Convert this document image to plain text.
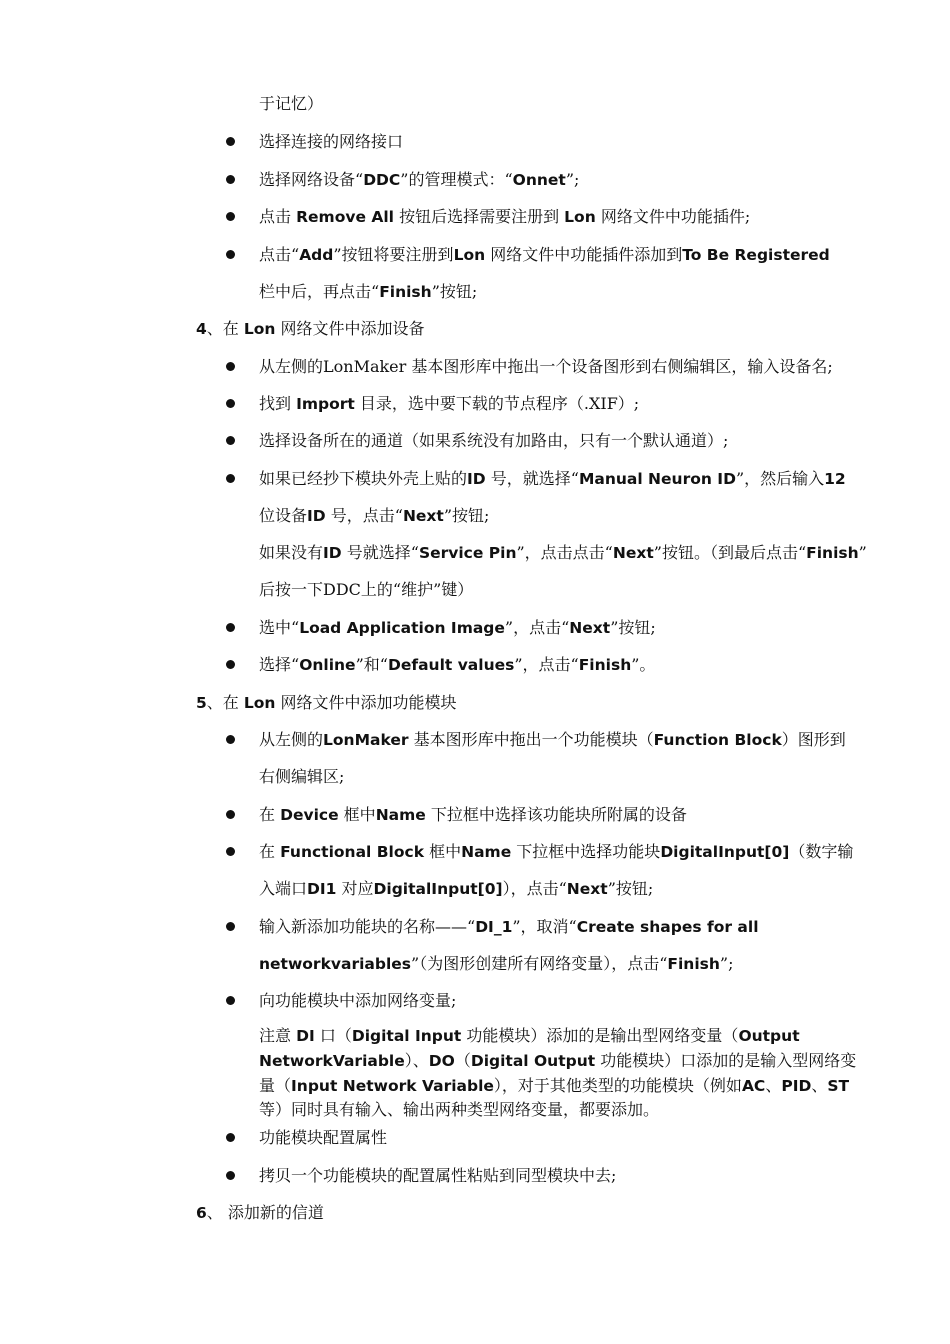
于记忆）
选择连接的网络接口
选择网络设备“DDC”的管理模式：“Onnet”;
点击 Remove All 按钮后选择需要注册到 Lon 网络文件中功能插件;
点击“Add”按钮将要注册到Lon 网络文件中功能插件添加到To Be Registered
栏中后，再点击“Finish”按钮;
4、在 Lon 网络文件中添加设备
从左侧的LonMaker 基本图形库中拖出一个设备图形到右侧编辑区，输入设备名;
找到 Import 目录，选中要下载的节点程序（.XIF）;
选择设备所在的通道（如果系统没有加路由，只有一个默认通道）;
如果已经抄下模块外壳上贴的ID 号，就选择“Manual Neuron ID”，然后输入12
位设备ID 号，点击“Next”按钮;
如果没有ID 号就选择“Service Pin”，点击点击“Next”按钮。（到最后点击“Finish”
后按一下DDC上的“维护”键）
选中“Load Application Image”，点击“Next”按钮;
选择“Online”和“Default values”，点击“Finish”。
5、在 Lon 网络文件中添加功能模块
从左侧的LonMaker 基本图形库中拖出一个功能模块（Function Block）图形到
右侧编辑区;
在 Device 框中Name 下拉框中选择该功能块所附属的设备
在 Functional Block 框中Name 下拉框中选择功能块DigitalInput[0]（数字输
入端口DI1 对应DigitalInput[0]），点击“Next”按钮;
输入新添加功能块的名称——“DI_1”，取消“Create shapes for all
networkvariables”（为图形创建所有网络变量），点击“Finish”;
向功能模块中添加网络变量;
注意 DI 口（Digital Input 功能模块）添加的是输出型网络变量（Output
NetworkVariable）、DO（Digital Output 功能模块）口添加的是输入型网络变
量（Input Network Variable），对于其他类型的功能模块（例如AC、PID、ST
等）同时具有输入、输出两种类型网络变量，都要添加。
功能模块配置属性
拷贝一个功能模块的配置属性粘贴到同型模块中去;
6、 添加新的信道
